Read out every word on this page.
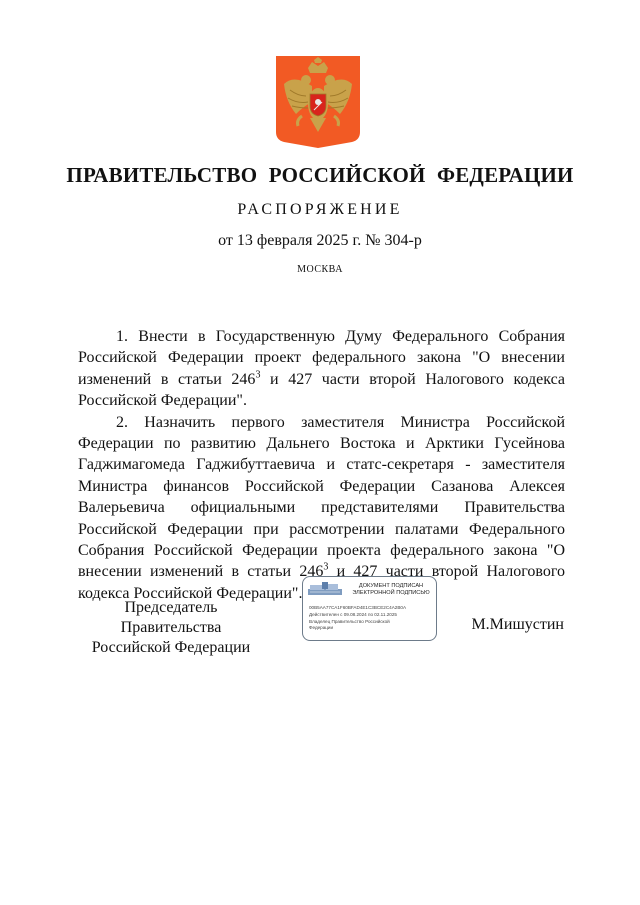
ПРАВИТЕЛЬСТВО РОССИЙСКОЙ ФЕДЕРАЦИИ
РАСПОРЯЖЕНИЕ
от 13 февраля 2025 г. № 304-р
МОСКВА

1. Внести в Государственную Думу Федерального Собрания Российской Федерации проект федерального закона "О внесении изменений в статьи $246^3$ и 427 части второй Налогового кодекса Российской Федерации".

2. Назначить первого заместителя Министра Российской Федерации по развитию Дальнего Востока и Арктики Гусейнова Гаджимагомеда Гаджибуттаевича и статс-секретаря - заместителя Министра финансов Российской Федерации Сазанова Алексея Валерьевича официальными представителями Правительства Российской Федерации при рассмотрении палатами Федерального Собрания Российской Федерации проекта федерального закона "О внесении изменений в статьи $246^3$ и 427 части второй Налогового кодекса Российской Федерации".

Председатель Правительства
Российской Федерации
ДОКУМЕНТ ПОДПИСАН
ЭЛЕКТРОННОЙ ПОДПИСЬЮ
00B5AA77CA1F60BFAD4E1C3BCE2C4A2B0A
Действителен с 09.08.2024 по 02.11.2025
Владелец Правительство Российской
Федерации	М.Мишустин
